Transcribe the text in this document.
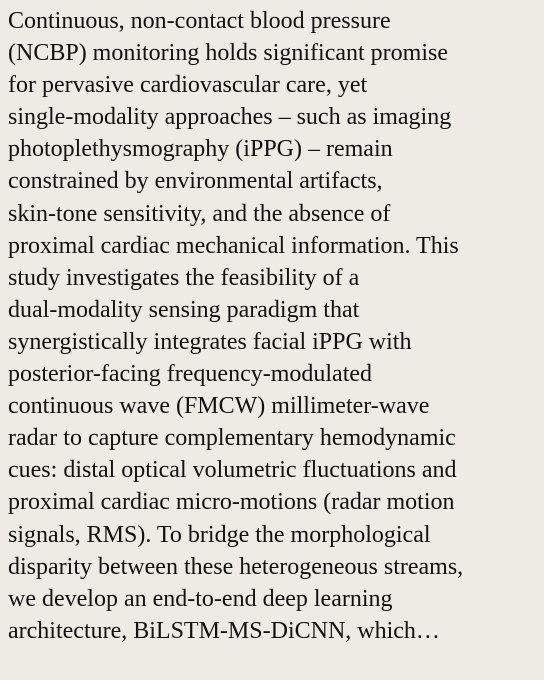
Continuous, non-contact blood pressure
(NCBP) monitoring holds significant promise
for pervasive cardiovascular care, yet
single-modality approaches – such as imaging
photoplethysmography (iPPG) – remain
constrained by environmental artifacts,
skin-tone sensitivity, and the absence of
proximal cardiac mechanical information. This
study investigates the feasibility of a
dual-modality sensing paradigm that
synergistically integrates facial iPPG with
posterior-facing frequency-modulated
continuous wave (FMCW) millimeter-wave
radar to capture complementary hemodynamic
cues: distal optical volumetric fluctuations and
proximal cardiac micro-motions (radar motion
signals, RMS). To bridge the morphological
disparity between these heterogeneous streams,
we develop an end-to-end deep learning
architecture, BiLSTM-MS-DiCNN, which…
